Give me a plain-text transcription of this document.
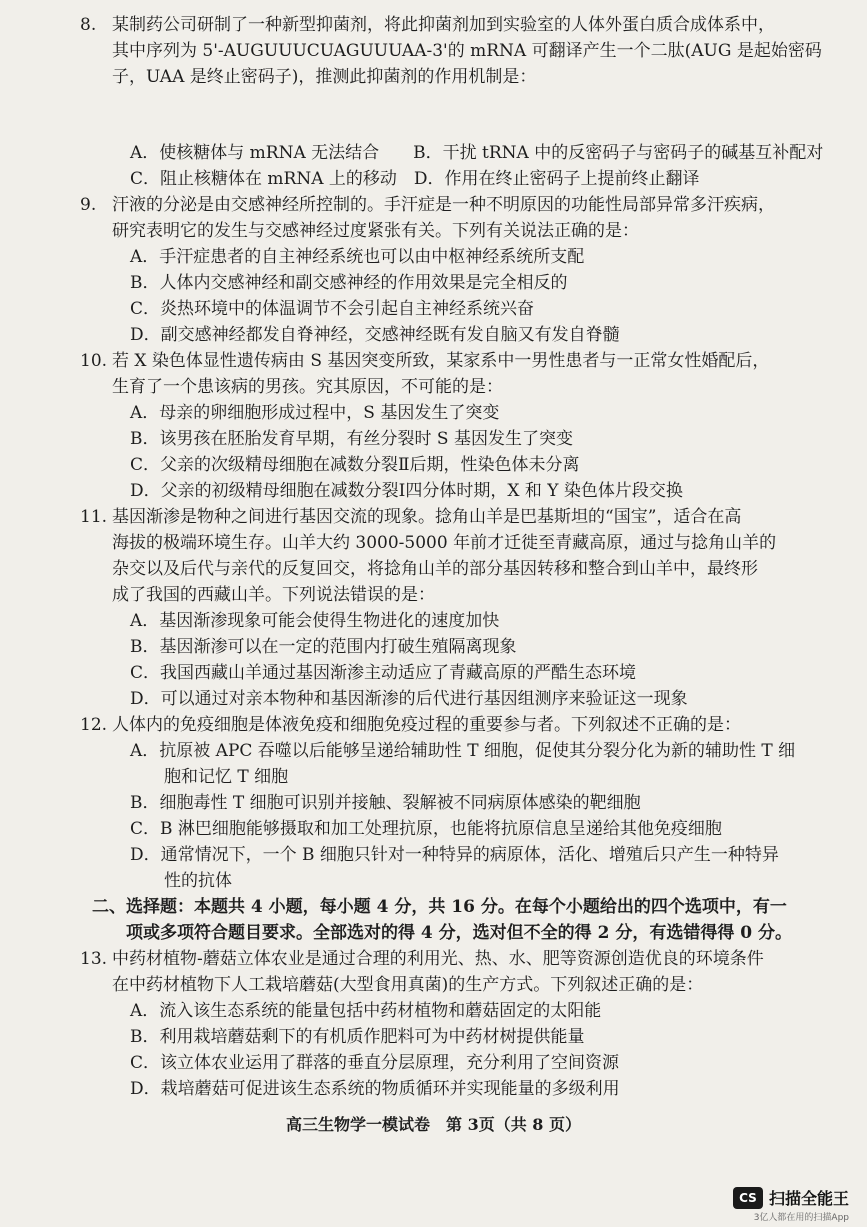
8. 某制药公司研制了一种新型抑菌剂，将此抑菌剂加到实验室的人体外蛋白质合成体系中，
其中序列为 5'-AUGUUUCUAGUUUAA-3'的 mRNA 可翻译产生一个二肽(AUG 是起始密码
子，UAA 是终止密码子)，推测此抑菌剂的作用机制是：
A．使核糖体与 mRNA 无法结合　　B．干扰 tRNA 中的反密码子与密码子的碱基互补配对
C．阻止核糖体在 mRNA 上的移动　D．作用在终止密码子上提前终止翻译
9. 汗液的分泌是由交感神经所控制的。手汗症是一种不明原因的功能性局部异常多汗疾病，
研究表明它的发生与交感神经过度紧张有关。下列有关说法正确的是：
A．手汗症患者的自主神经系统也可以由中枢神经系统所支配
B．人体内交感神经和副交感神经的作用效果是完全相反的
C．炎热环境中的体温调节不会引起自主神经系统兴奋
D．副交感神经都发自脊神经，交感神经既有发自脑又有发自脊髓
10. 若 X 染色体显性遗传病由 S 基因突变所致，某家系中一男性患者与一正常女性婚配后，
生育了一个患该病的男孩。究其原因，不可能的是：
A．母亲的卵细胞形成过程中，S 基因发生了突变
B．该男孩在胚胎发育早期，有丝分裂时 S 基因发生了突变
C．父亲的次级精母细胞在减数分裂Ⅱ后期，性染色体未分离
D．父亲的初级精母细胞在减数分裂Ⅰ四分体时期，X 和 Y 染色体片段交换
11. 基因渐渗是物种之间进行基因交流的现象。捻角山羊是巴基斯坦的“国宝”，适合在高
海拔的极端环境生存。山羊大约 3000-5000 年前才迁徙至青藏高原，通过与捻角山羊的
杂交以及后代与亲代的反复回交，将捻角山羊的部分基因转移和整合到山羊中，最终形
成了我国的西藏山羊。下列说法错误的是：
A．基因渐渗现象可能会使得生物进化的速度加快
B．基因渐渗可以在一定的范围内打破生殖隔离现象
C．我国西藏山羊通过基因渐渗主动适应了青藏高原的严酷生态环境
D．可以通过对亲本物种和基因渐渗的后代进行基因组测序来验证这一现象
12. 人体内的免疫细胞是体液免疫和细胞免疫过程的重要参与者。下列叙述不正确的是：
A．抗原被 APC 吞噬以后能够呈递给辅助性 T 细胞，促使其分裂分化为新的辅助性 T 细
　　胞和记忆 T 细胞
B．细胞毒性 T 细胞可识别并接触、裂解被不同病原体感染的靶细胞
C．B 淋巴细胞能够摄取和加工处理抗原，也能将抗原信息呈递给其他免疫细胞
D．通常情况下，一个 B 细胞只针对一种特异的病原体，活化、增殖后只产生一种特异
　　性的抗体
二、选择题：本题共 4 小题，每小题 4 分，共 16 分。在每个小题给出的四个选项中，有一
　　项或多项符合题目要求。全部选对的得 4 分，选对但不全的得 2 分，有选错得得 0 分。
13. 中药材植物-蘑菇立体农业是通过合理的利用光、热、水、肥等资源创造优良的环境条件
在中药材植物下人工栽培蘑菇(大型食用真菌)的生产方式。下列叙述正确的是：
A．流入该生态系统的能量包括中药材植物和蘑菇固定的太阳能
B．利用栽培蘑菇剩下的有机质作肥料可为中药材树提供能量
C．该立体农业运用了群落的垂直分层原理，充分利用了空间资源
D．栽培蘑菇可促进该生态系统的物质循环并实现能量的多级利用
高三生物学一模试卷　第 3页（共 8 页）
CS 扫描全能王
3亿人都在用的扫描App
